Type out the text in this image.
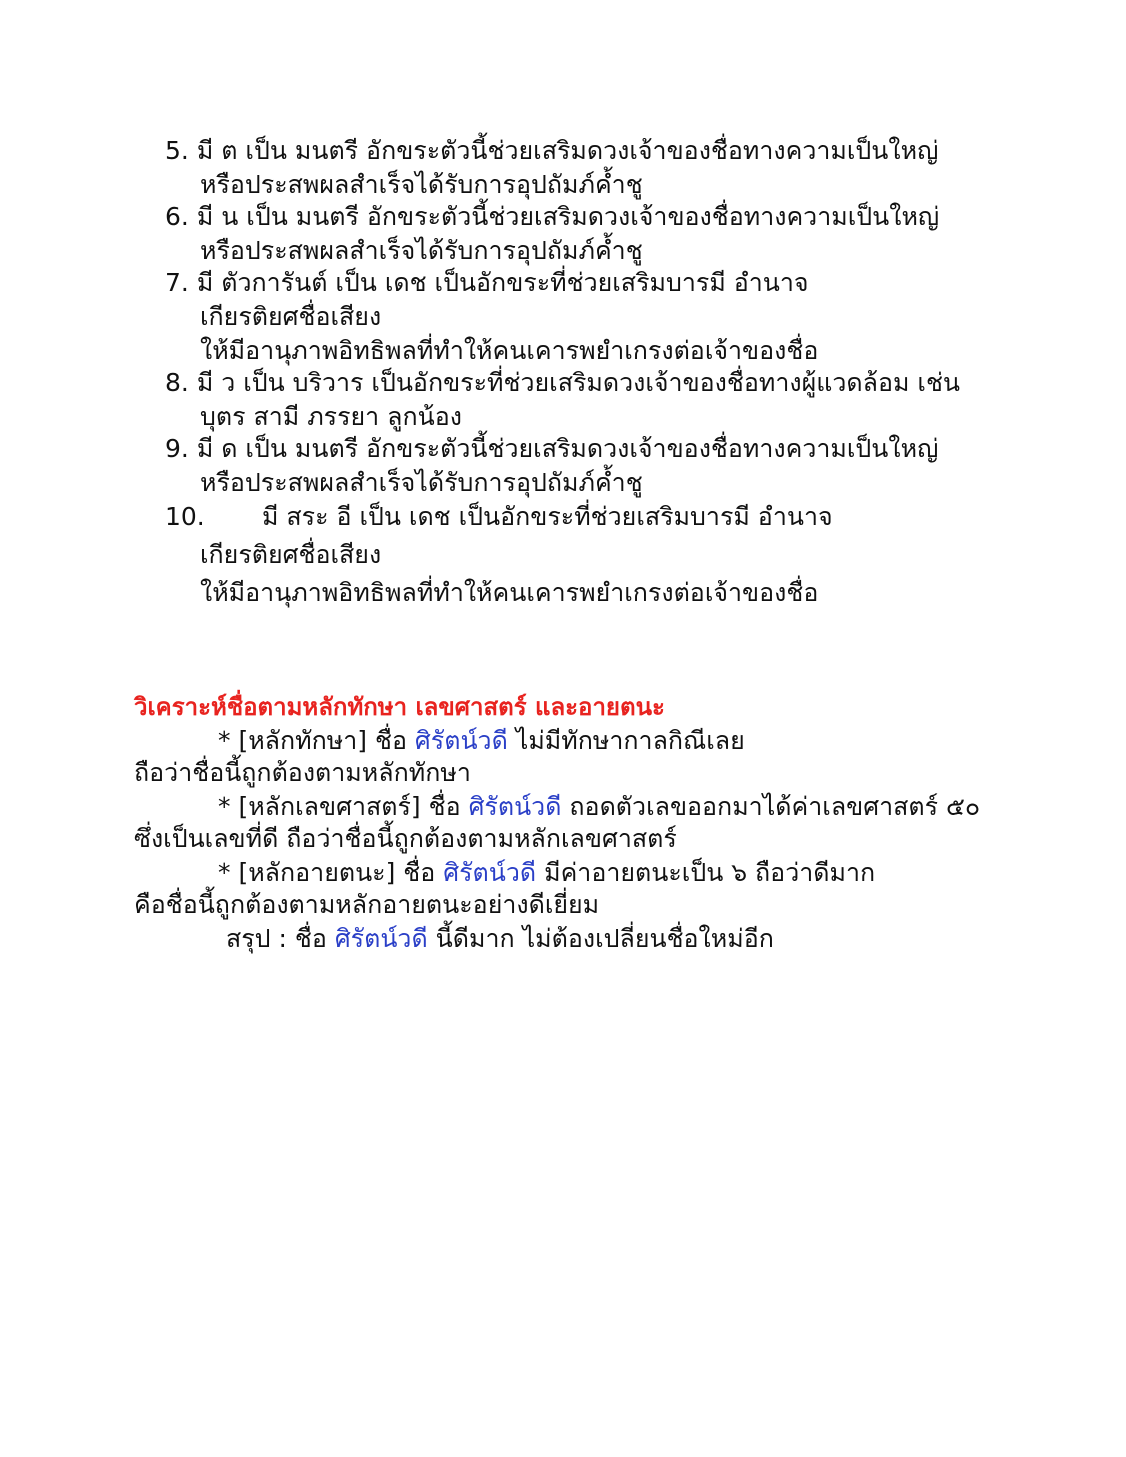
5. มี ต เป็น มนตรี อักขระตัวนี้ช่วยเสริมดวงเจ้าของชื่อทางความเป็นใหญ่
หรือประสพผลสำเร็จได้รับการอุปถัมภ์ค้ำชู
6. มี น เป็น มนตรี อักขระตัวนี้ช่วยเสริมดวงเจ้าของชื่อทางความเป็นใหญ่
หรือประสพผลสำเร็จได้รับการอุปถัมภ์ค้ำชู
7. มี ตัวการันต์ เป็น เดช เป็นอักขระที่ช่วยเสริมบารมี อำนาจ
เกียรติยศชื่อเสียง
ให้มีอานุภาพอิทธิพลที่ทำให้คนเคารพยำเกรงต่อเจ้าของชื่อ
8. มี ว เป็น บริวาร เป็นอักขระที่ช่วยเสริมดวงเจ้าของชื่อทางผู้แวดล้อม เช่น
บุตร สามี ภรรยา ลูกน้อง
9. มี ด เป็น มนตรี อักขระตัวนี้ช่วยเสริมดวงเจ้าของชื่อทางความเป็นใหญ่
หรือประสพผลสำเร็จได้รับการอุปถัมภ์ค้ำชู
10. มี สระ อี เป็น เดช เป็นอักขระที่ช่วยเสริมบารมี อำนาจ
เกียรติยศชื่อเสียง
ให้มีอานุภาพอิทธิพลที่ทำให้คนเคารพยำเกรงต่อเจ้าของชื่อ
วิเคราะห์ชื่อตามหลักทักษา เลขศาสตร์ และอายตนะ
* [หลักทักษา] ชื่อ ศิรัตน์วดี ไม่มีทักษากาลกิณีเลย
ถือว่าชื่อนี้ถูกต้องตามหลักทักษา
* [หลักเลขศาสตร์] ชื่อ ศิรัตน์วดี ถอดตัวเลขออกมาได้ค่าเลขศาสตร์ ๕๐
ซึ่งเป็นเลขที่ดี ถือว่าชื่อนี้ถูกต้องตามหลักเลขศาสตร์
* [หลักอายตนะ] ชื่อ ศิรัตน์วดี มีค่าอายตนะเป็น ๖ ถือว่าดีมาก
คือชื่อนี้ถูกต้องตามหลักอายตนะอย่างดีเยี่ยม
สรุป : ชื่อ ศิรัตน์วดี นี้ดีมาก ไม่ต้องเปลี่ยนชื่อใหม่อีก
